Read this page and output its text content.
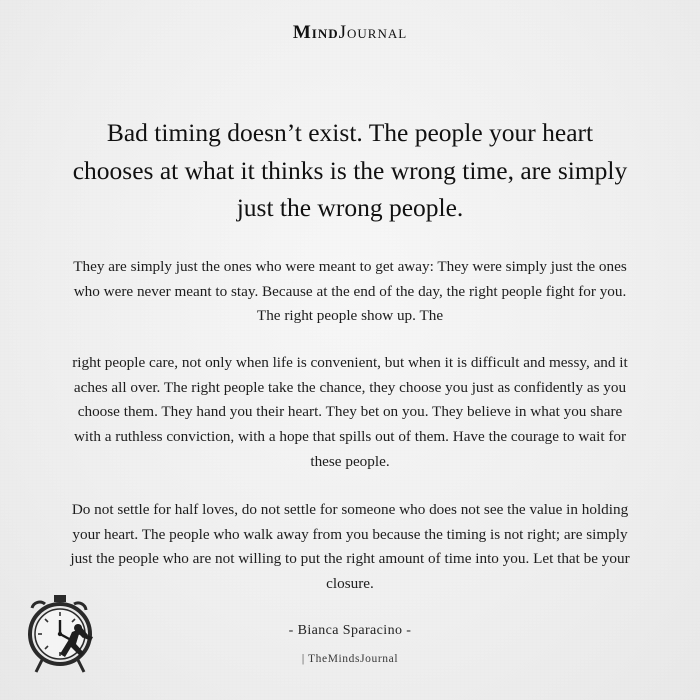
MindJournal
Bad timing doesn’t exist. The people your heart chooses at what it thinks is the wrong time, are simply just the wrong people.
They are simply just the ones who were meant to get away: They were simply just the ones who were never meant to stay. Because at the end of the day, the right people fight for you. The right people show up. The
right people care, not only when life is convenient, but when it is difficult and messy, and it aches all over. The right people take the chance, they choose you just as confidently as you choose them. They hand you their heart. They bet on you. They believe in what you share with a ruthless conviction, with a hope that spills out of them. Have the courage to wait for these people.
Do not settle for half loves, do not settle for someone who does not see the value in holding your heart. The people who walk away from you because the timing is not right; are simply just the people who are not willing to put the right amount of time into you. Let that be your closure.
- Bianca Sparacino -
| TheMindsJournal
